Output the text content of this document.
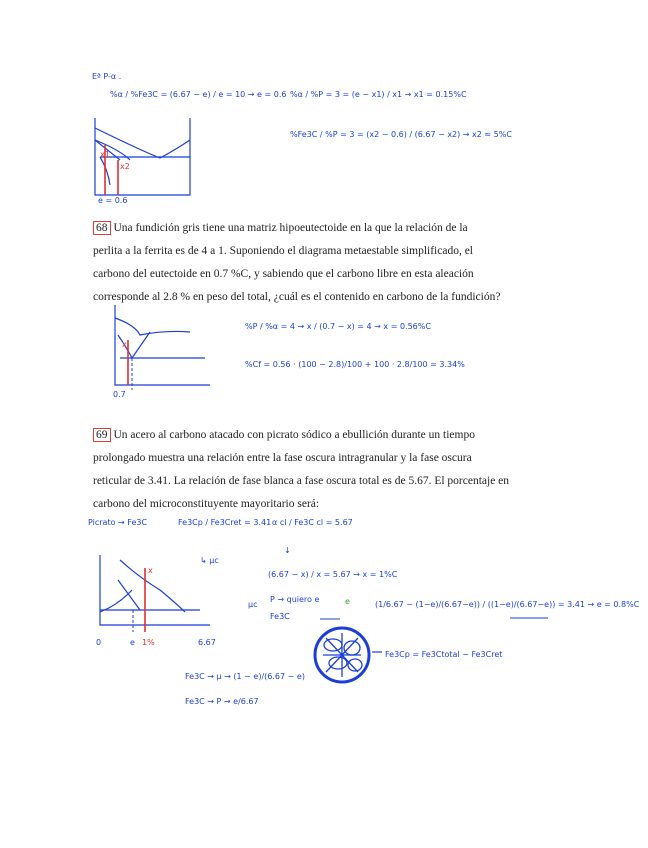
Eª P-α .
%α / %Fe3C = (6.67 − e) / e = 10 → e = 0.6 %α / %P = 3 = (e − x1) / x1 → x1 = 0.15%C
%Fe3C / %P = 3 = (x2 − 0.6) / (6.67 − x2) → x2 ≈ 5%C
x1
x2
e = 0.6
68 Una fundición gris tiene una matriz hipoeutectoide en la que la relación de la
perlita a la ferrita es de 4 a 1. Suponiendo el diagrama metaestable simplificado, el
carbono del eutectoide en 0.7 %C, y sabiendo que el carbono libre en esta aleación
corresponde al 2.8 % en peso del total, ¿cuál es el contenido en carbono de la fundición?
x
0.7
%P / %α = 4 → x / (0.7 − x) = 4 → x = 0.56%C
%Cf = 0.56 · (100 − 2.8)/100 + 100 · 2.8/100 = 3.34%
69 Un acero al carbono atacado con picrato sódico a ebullición durante un tiempo
prolongado muestra una relación entre la fase oscura intragranular y la fase oscura
reticular de 3.41. La relación de fase blanca a fase oscura total es de 5.67. El porcentaje en
carbono del microconstituyente mayoritario será:
Picrato → Fe3C	Fe3Cp / Fe3Cret = 3.41
↳ μc
α cl / Fe3C cl = 5.67
↓
(6.67 − x) / x = 5.67 → x = 1%C
μc
P → quiero e	e
Fe3C
(1/6.67 − (1−e)/(6.67−e)) / ((1−e)/(6.67−e)) = 3.41 → e = 0.8%C
Fe3Cp = Fe3Ctotal − Fe3Cret
Fe3C → μ → (1 − e)/(6.67 − e)
Fe3C → P → e/6.67
x
0	e 1%	6.67
